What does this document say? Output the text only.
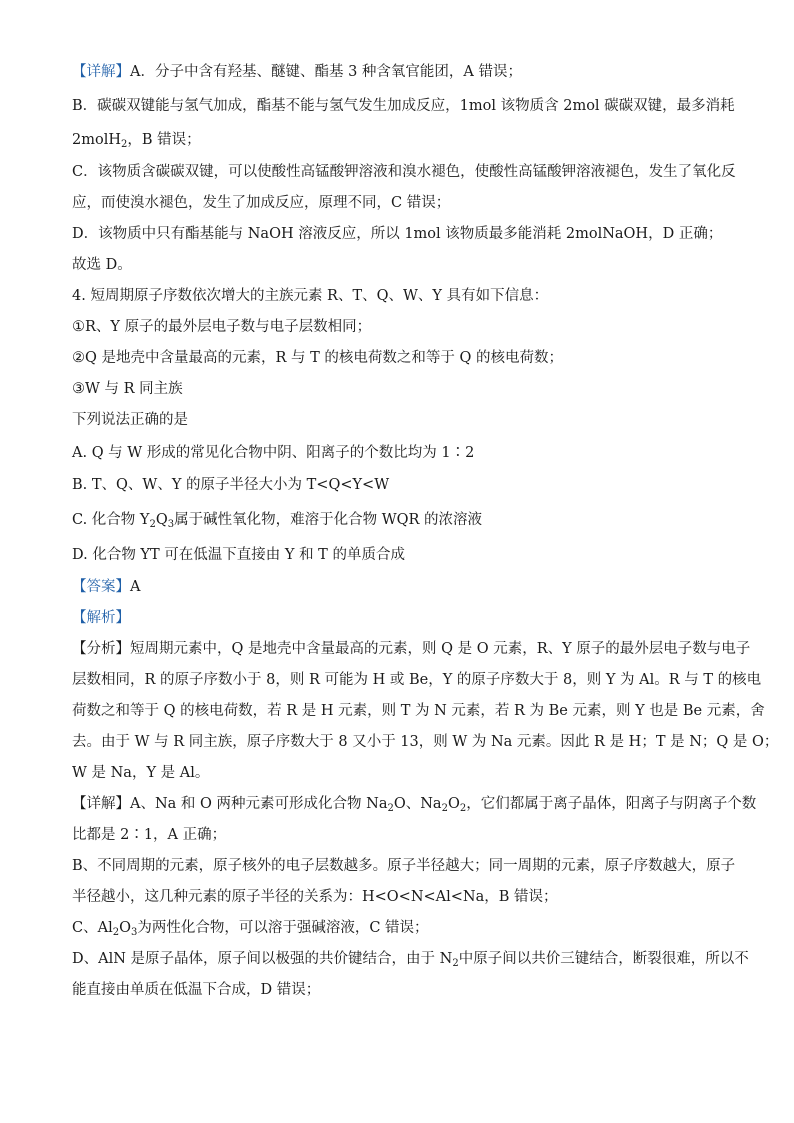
【详解】A．分子中含有羟基、醚键、酯基 3 种含氧官能团，A 错误；
B．碳碳双键能与氢气加成，酯基不能与氢气发生加成反应，1mol 该物质含 2mol 碳碳双键，最多消耗
2molH$_2$，B 错误；
C．该物质含碳碳双键，可以使酸性高锰酸钾溶液和溴水褪色，使酸性高锰酸钾溶液褪色，发生了氧化反
应，而使溴水褪色，发生了加成反应，原理不同，C 错误；
D．该物质中只有酯基能与 NaOH 溶液反应，所以 1mol 该物质最多能消耗 2molNaOH，D 正确；
故选 D。
4. 短周期原子序数依次增大的主族元素 R、T、Q、W、Y 具有如下信息：
①R、Y 原子的最外层电子数与电子层数相同；
②Q 是地壳中含量最高的元素，R 与 T 的核电荷数之和等于 Q 的核电荷数；
③W 与 R 同主族
下列说法正确的是
A. Q 与 W 形成的常见化合物中阴、阳离子的个数比均为 1∶2
B. T、Q、W、Y 的原子半径大小为 T<Q<Y<W
C. 化合物 $Y_2Q_3$属于碱性氧化物，难溶于化合物 WQR 的浓溶液
D. 化合物 YT 可在低温下直接由 Y 和 T 的单质合成
【答案】A
【解析】
【分析】短周期元素中，Q 是地壳中含量最高的元素，则 Q 是 O 元素，R、Y 原子的最外层电子数与电子
层数相同，R 的原子序数小于 8，则 R 可能为 H 或 Be，Y 的原子序数大于 8，则 Y 为 Al。R 与 T 的核电
荷数之和等于 Q 的核电荷数，若 R 是 H 元素，则 T 为 N 元素，若 R 为 Be 元素，则 Y 也是 Be 元素，舍
去。由于 W 与 R 同主族，原子序数大于 8 又小于 13，则 W 为 Na 元素。因此 R 是 H；T 是 N；Q 是 O；
W 是 Na，Y 是 Al。
【详解】A、Na 和 O 两种元素可形成化合物 $Na_2O$、$Na_2O_2$，它们都属于离子晶体，阳离子与阴离子个数
比都是 2∶1，A 正确；
B、不同周期的元素，原子核外的电子层数越多。原子半径越大；同一周期的元素，原子序数越大，原子
半径越小，这几种元素的原子半径的关系为：H<O<N<Al<Na，B 错误；
C、$Al_2O_3$为两性化合物，可以溶于强碱溶液，C 错误；
D、AlN 是原子晶体，原子间以极强的共价键结合，由于 $N_2$中原子间以共价三键结合，断裂很难，所以不
能直接由单质在低温下合成，D 错误；
